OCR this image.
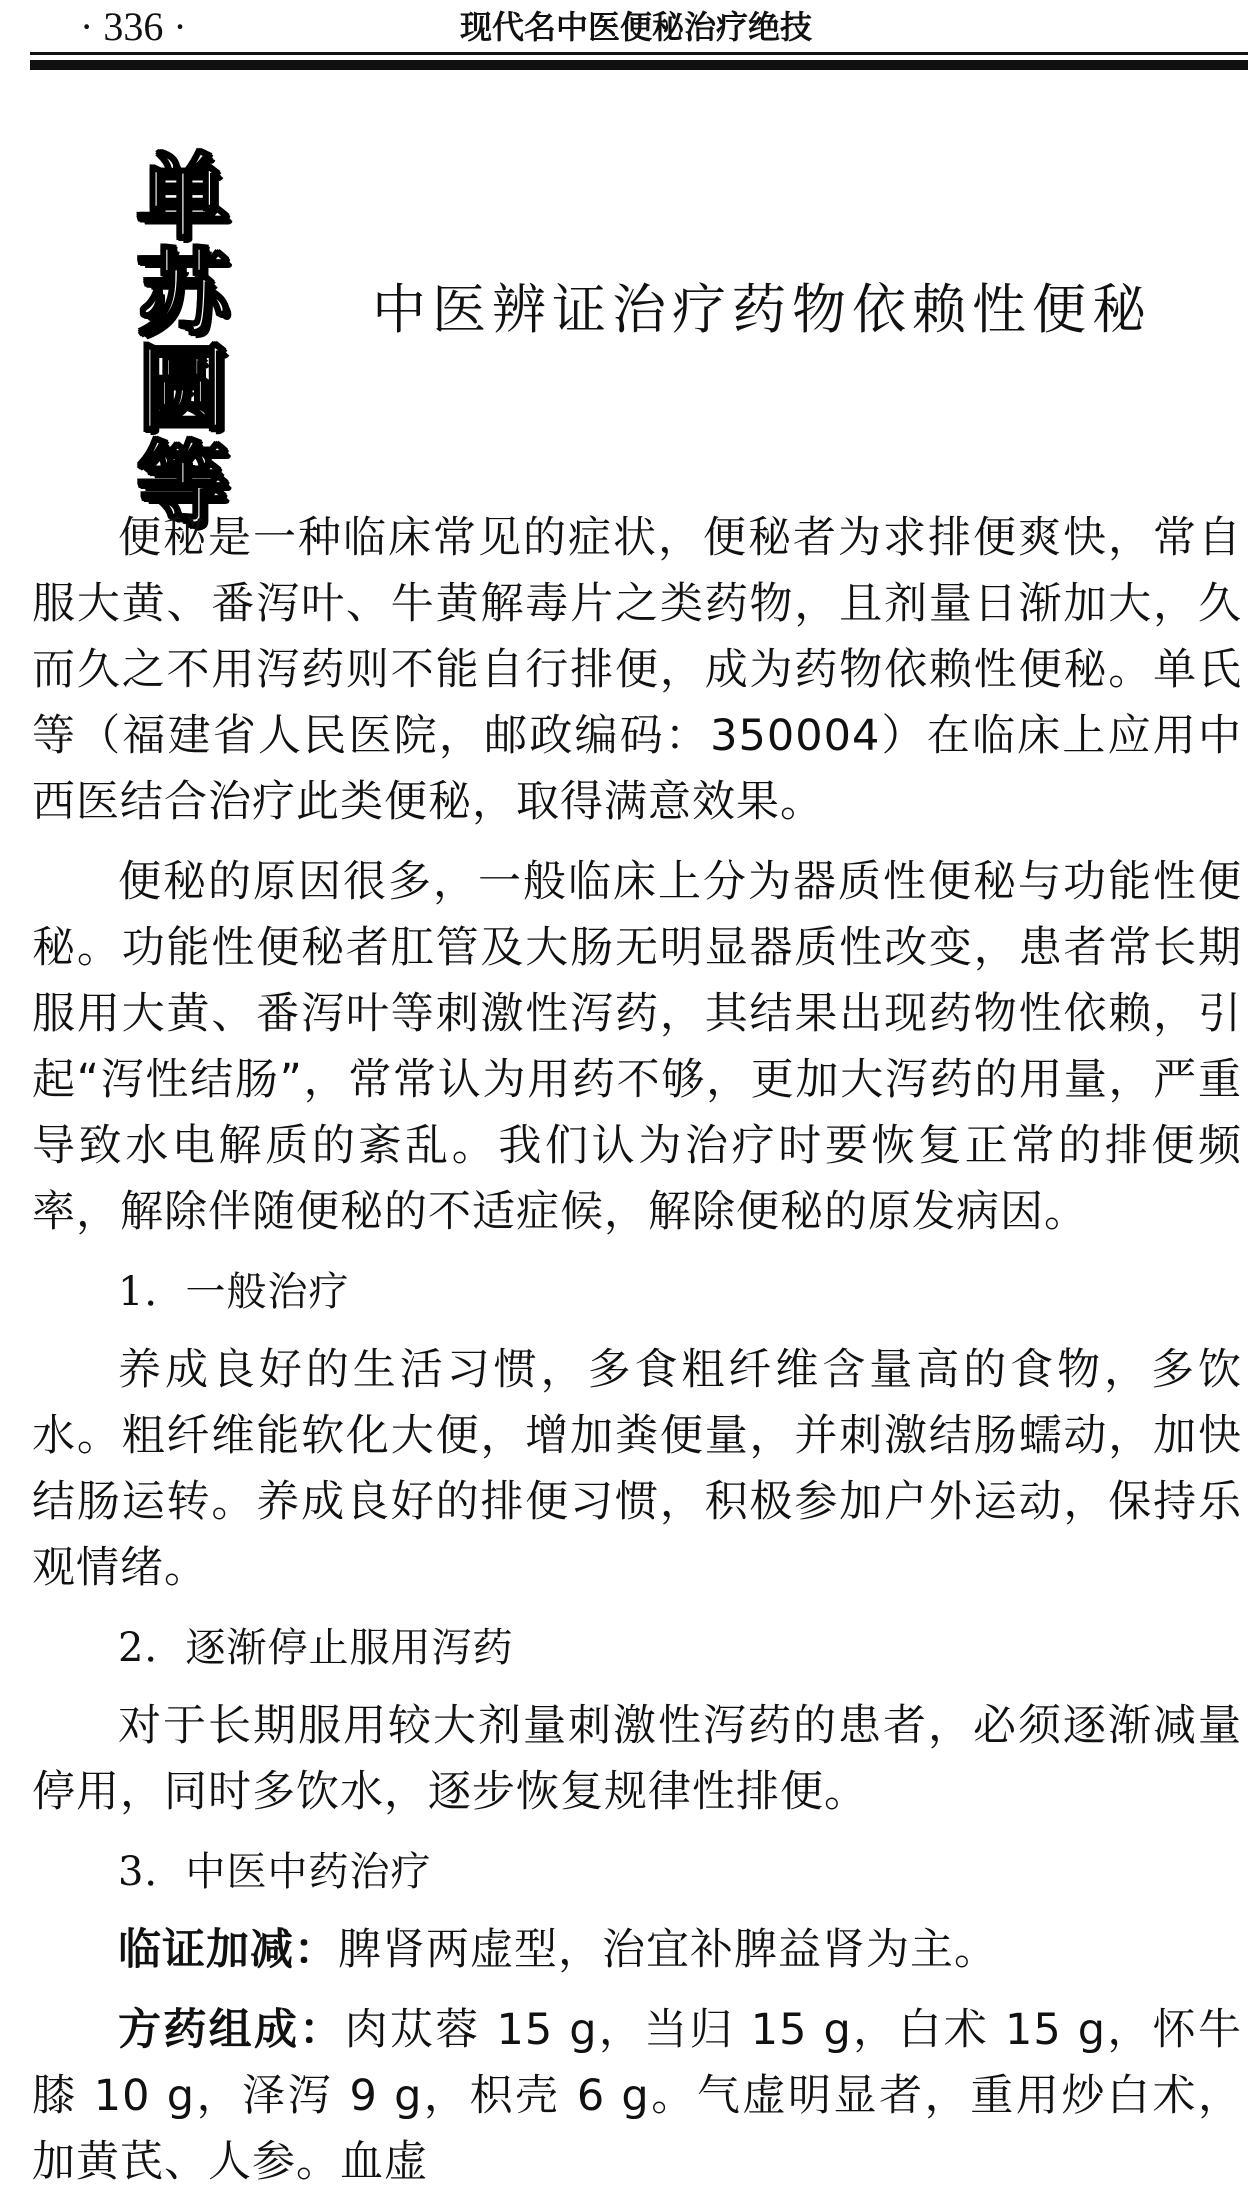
· 336 ·	现代名中医便秘治疗绝技
单
苏
圆
等
中医辨证治疗药物依赖性便秘

便秘是一种临床常见的症状，便秘者为求排便爽快，常自服大黄、番泻叶、牛黄解毒片之类药物，且剂量日渐加大，久而久之不用泻药则不能自行排便，成为药物依赖性便秘。单氏等（福建省人民医院，邮政编码：350004）在临床上应用中西医结合治疗此类便秘，取得满意效果。

便秘的原因很多，一般临床上分为器质性便秘与功能性便秘。功能性便秘者肛管及大肠无明显器质性改变，患者常长期服用大黄、番泻叶等刺激性泻药，其结果出现药物性依赖，引起“泻性结肠”，常常认为用药不够，更加大泻药的用量，严重导致水电解质的紊乱。我们认为治疗时要恢复正常的排便频率，解除伴随便秘的不适症候，解除便秘的原发病因。

1．一般治疗

养成良好的生活习惯，多食粗纤维含量高的食物，多饮水。粗纤维能软化大便，增加粪便量，并刺激结肠蠕动，加快结肠运转。养成良好的排便习惯，积极参加户外运动，保持乐观情绪。

2．逐渐停止服用泻药

对于长期服用较大剂量刺激性泻药的患者，必须逐渐减量停用，同时多饮水，逐步恢复规律性排便。

3．中医中药治疗

临证加减：脾肾两虚型，治宜补脾益肾为主。

方药组成：肉苁蓉 15 g，当归 15 g，白术 15 g，怀牛膝 10 g，泽泻 9 g，枳壳 6 g。气虚明显者，重用炒白术，加黄芪、人参。血虚
